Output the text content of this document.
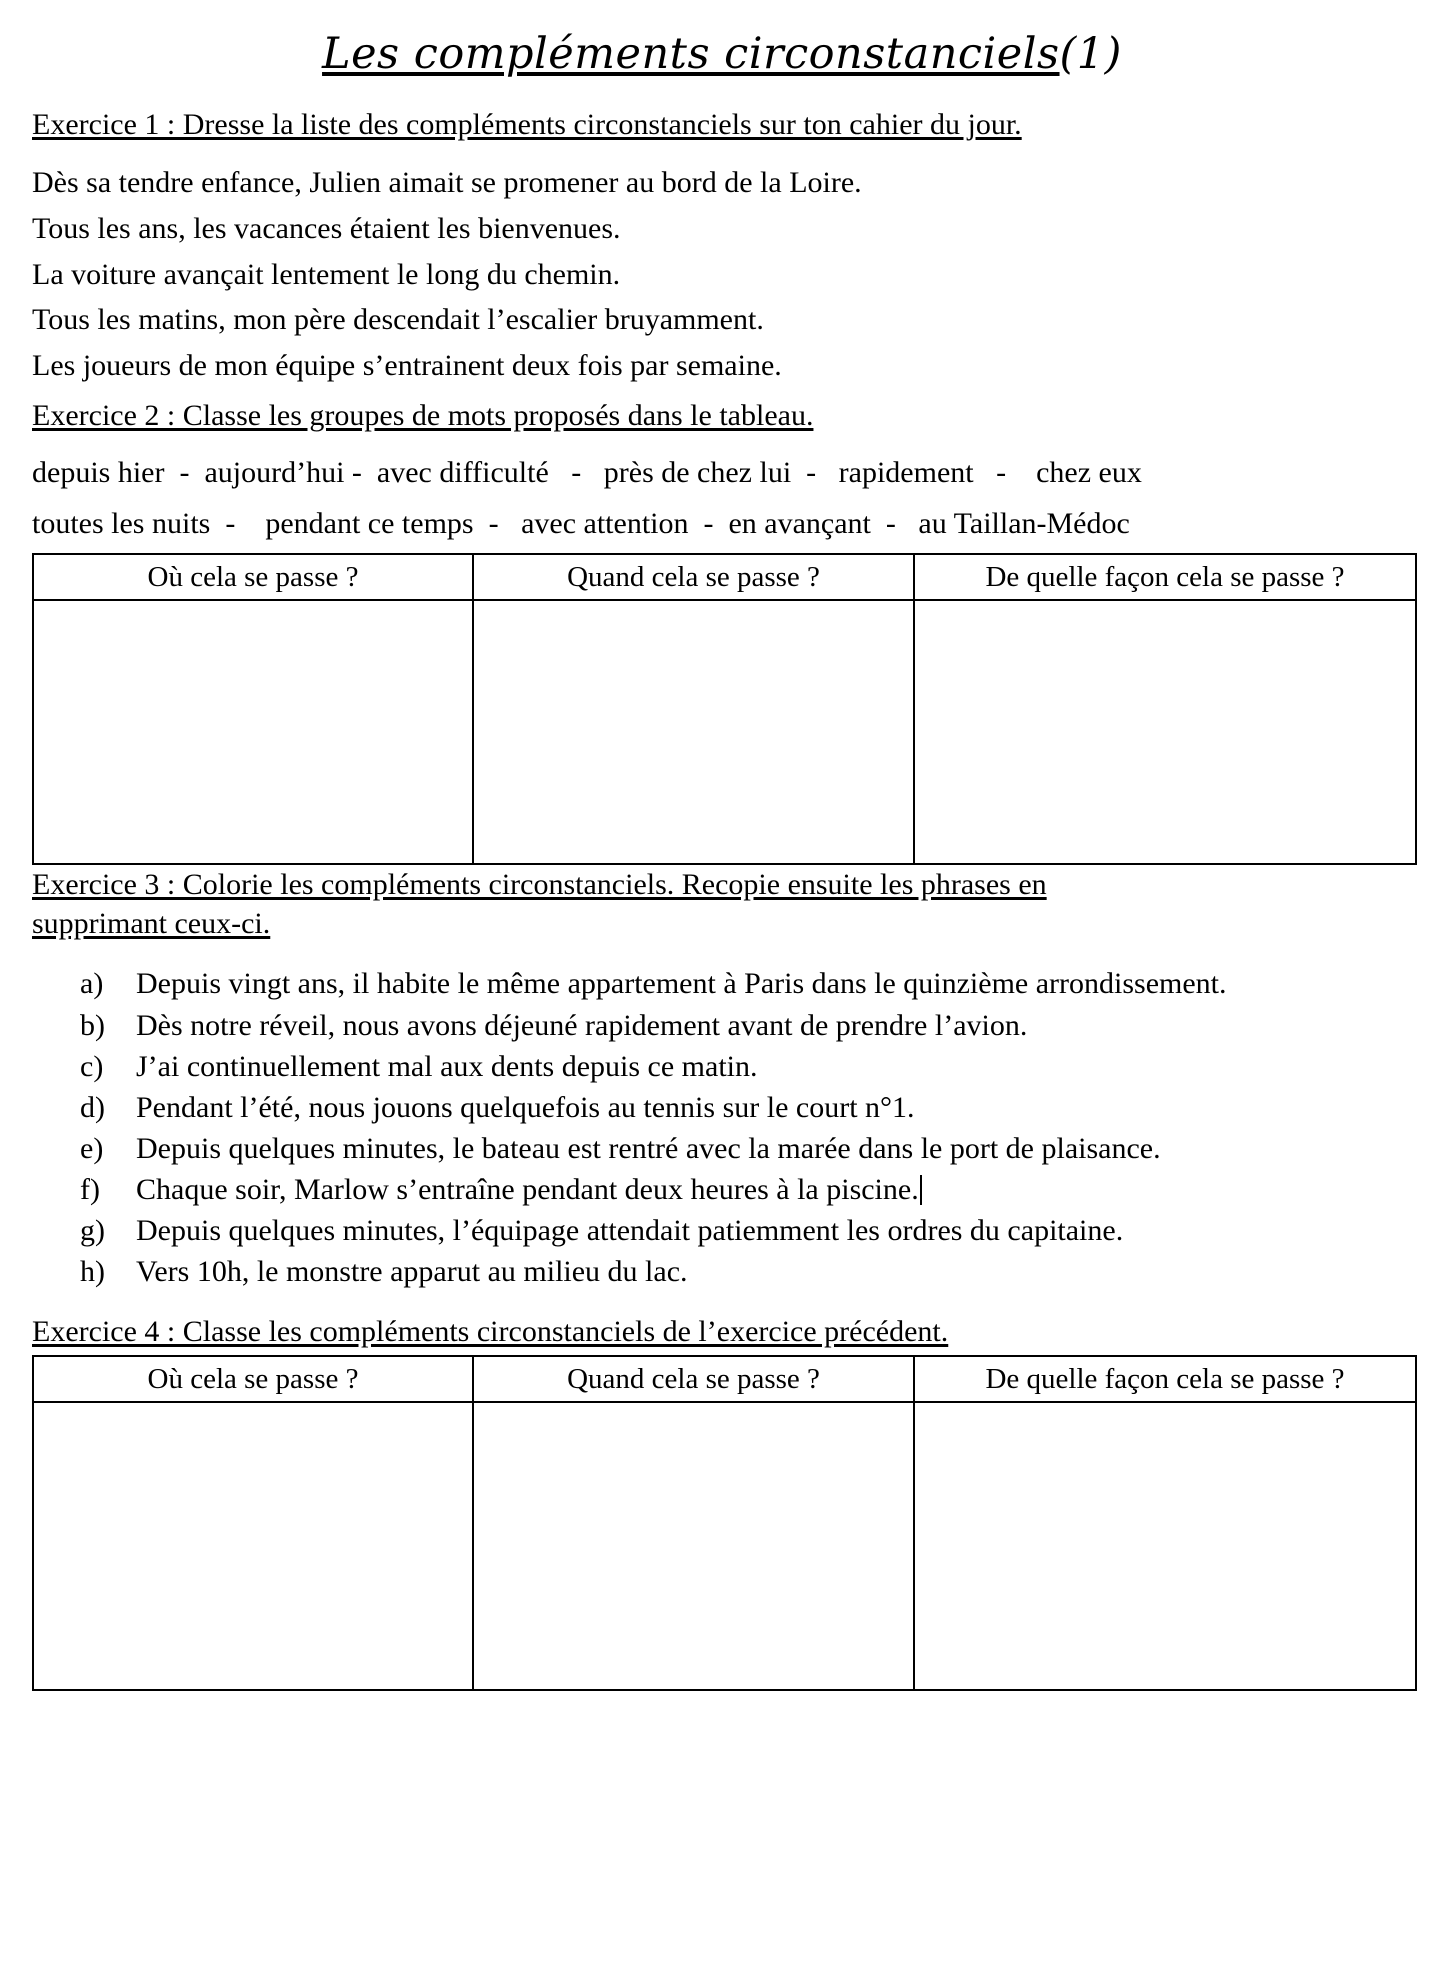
Les compléments circonstanciels(1)
Exercice 1 : Dresse la liste des compléments circonstanciels sur ton cahier du jour.

Dès sa tendre enfance, Julien aimait se promener au bord de la Loire.

Tous les ans, les vacances étaient les bienvenues.

La voiture avançait lentement le long du chemin.

Tous les matins, mon père descendait l’escalier bruyamment.

Les joueurs de mon équipe s’entrainent deux fois par semaine.

Exercice 2 : Classe les groupes de mots proposés dans le tableau.

depuis hier  -  aujourd’hui -  avec difficulté   -   près de chez lui  -   rapidement   -    chez eux

toutes les nuits  -    pendant ce temps  -   avec attention  -  en avançant  -   au Taillan-Médoc

Où cela se passe ?	Quand cela se passe ?	De quelle façon cela se passe ?

Exercice 3 : Colorie les compléments circonstanciels. Recopie ensuite les phrases en
supprimant ceux-ci.
a)	Depuis vingt ans, il habite le même appartement à Paris dans le quinzième arrondissement.
b)	Dès notre réveil, nous avons déjeuné rapidement avant de prendre l’avion.
c)	J’ai continuellement mal aux dents depuis ce matin.
d)	Pendant l’été, nous jouons quelquefois au tennis sur le court n°1.
e)	Depuis quelques minutes, le bateau est rentré avec la marée dans le port de plaisance.
f)	Chaque soir, Marlow s’entraîne pendant deux heures à la piscine.
g)	Depuis quelques minutes, l’équipage attendait patiemment les ordres du capitaine.
h)	Vers 10h, le monstre apparut au milieu du lac.
Exercice 4 : Classe les compléments circonstanciels de l’exercice précédent.
Où cela se passe ?	Quand cela se passe ?	De quelle façon cela se passe ?
